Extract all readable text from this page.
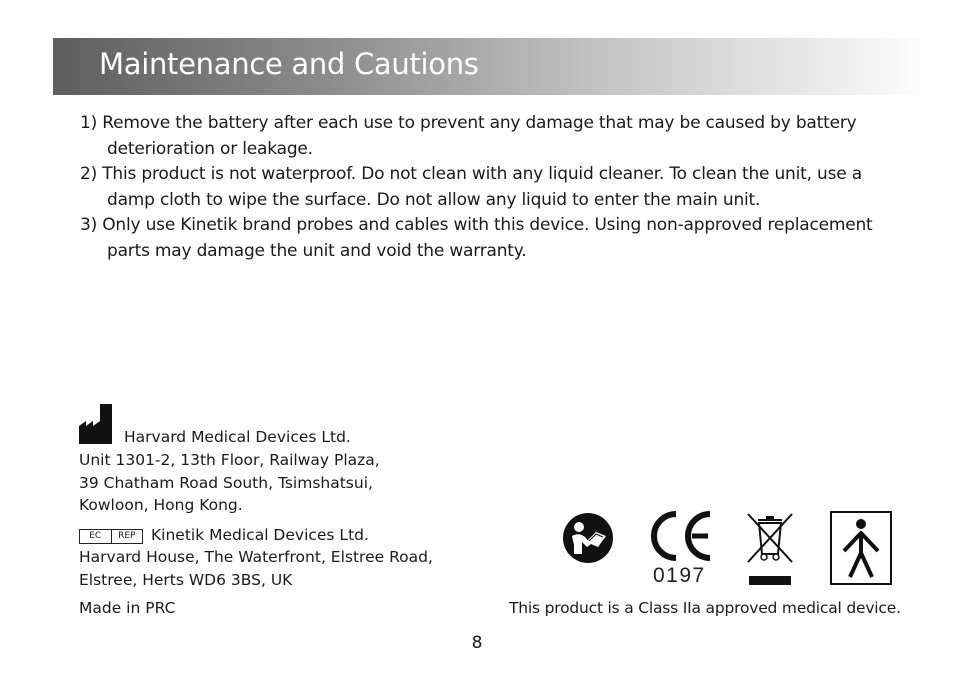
Maintenance and Cautions
1) Remove the battery after each use to prevent any damage that may be caused by battery deterioration or leakage.
2) This product is not waterproof. Do not clean with any liquid cleaner. To clean the unit, use a damp cloth to wipe the surface. Do not allow any liquid to enter the main unit.
3) Only use Kinetik brand probes and cables with this device. Using non-approved replacement parts may damage the unit and void the warranty.
Harvard Medical Devices Ltd.
Unit 1301-2, 13th Floor, Railway Plaza,
39 Chatham Road South, Tsimshatsui,
Kowloon, Hong Kong.
EC	REP	Kinetik Medical Devices Ltd.
Harvard House, The Waterfront, Elstree Road,
Elstree, Herts WD6 3BS, UK
Made in PRC
0197
This product is a Class IIa approved medical device.
8
